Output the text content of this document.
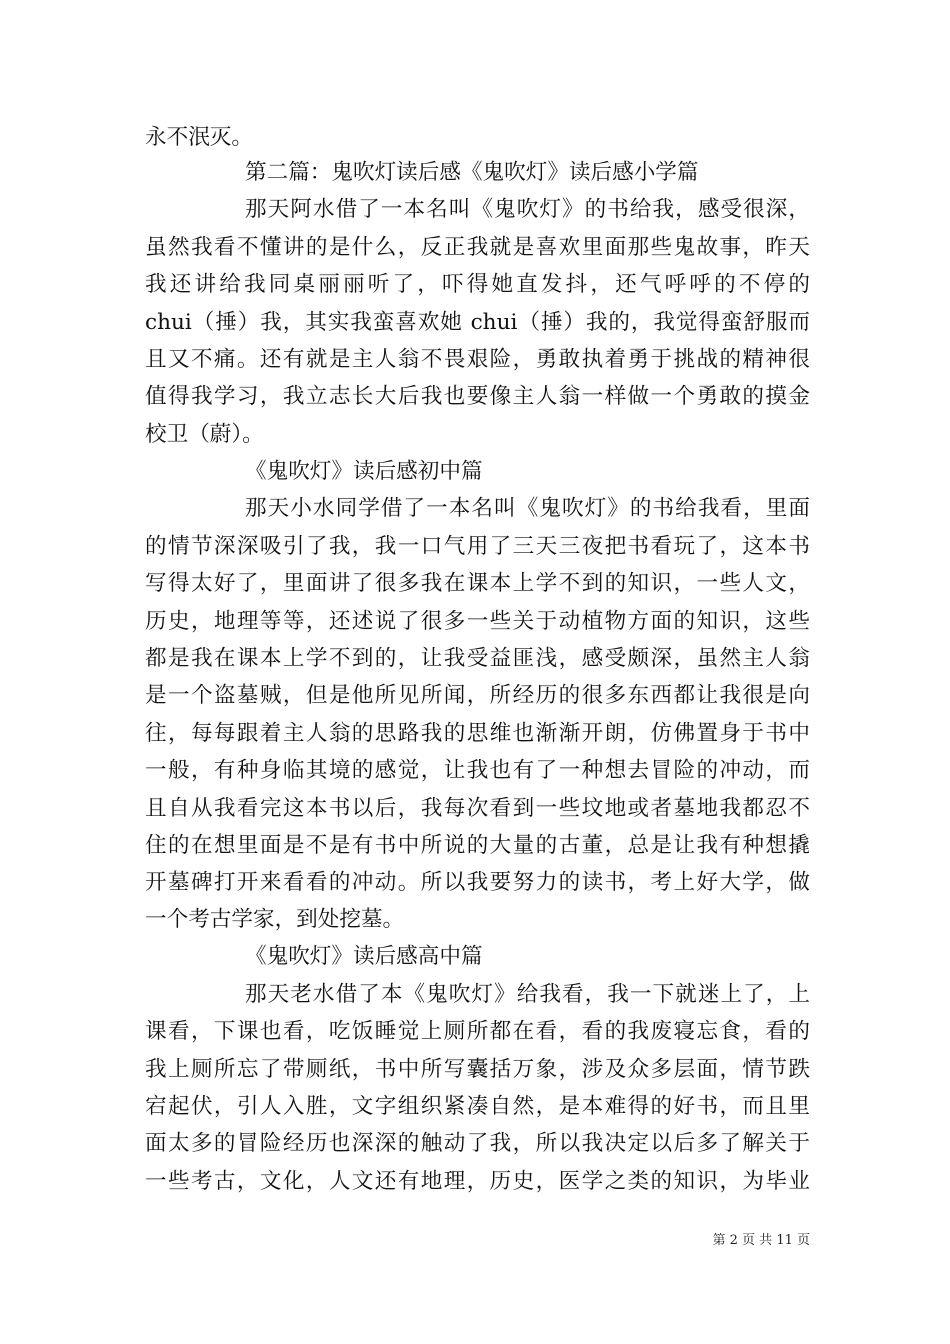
永不泯灭。
第二篇：鬼吹灯读后感《鬼吹灯》读后感小学篇
那天阿水借了一本名叫《鬼吹灯》的书给我，感受很深，
虽然我看不懂讲的是什么，反正我就是喜欢里面那些鬼故事，昨天
我还讲给我同桌丽丽听了，吓得她直发抖，还气呼呼的不停的
chui（捶）我，其实我蛮喜欢她 chui（捶）我的，我觉得蛮舒服而
且又不痛。还有就是主人翁不畏艰险，勇敢执着勇于挑战的精神很
值得我学习，我立志长大后我也要像主人翁一样做一个勇敢的摸金
校卫（蔚）。
《鬼吹灯》读后感初中篇
那天小水同学借了一本名叫《鬼吹灯》的书给我看，里面
的情节深深吸引了我，我一口气用了三天三夜把书看玩了，这本书
写得太好了，里面讲了很多我在课本上学不到的知识，一些人文，
历史，地理等等，还述说了很多一些关于动植物方面的知识，这些
都是我在课本上学不到的，让我受益匪浅，感受颇深，虽然主人翁
是一个盗墓贼，但是他所见所闻，所经历的很多东西都让我很是向
往，每每跟着主人翁的思路我的思维也渐渐开朗，仿佛置身于书中
一般，有种身临其境的感觉，让我也有了一种想去冒险的冲动，而
且自从我看完这本书以后，我每次看到一些坟地或者墓地我都忍不
住的在想里面是不是有书中所说的大量的古董，总是让我有种想撬
开墓碑打开来看看的冲动。所以我要努力的读书，考上好大学，做
一个考古学家，到处挖墓。
《鬼吹灯》读后感高中篇
那天老水借了本《鬼吹灯》给我看，我一下就迷上了，上
课看，下课也看，吃饭睡觉上厕所都在看，看的我废寝忘食，看的
我上厕所忘了带厕纸，书中所写囊括万象，涉及众多层面，情节跌
宕起伏，引人入胜，文字组织紧凑自然，是本难得的好书，而且里
面太多的冒险经历也深深的触动了我，所以我决定以后多了解关于
一些考古，文化，人文还有地理，历史，医学之类的知识，为毕业
第 2 页 共 11 页
